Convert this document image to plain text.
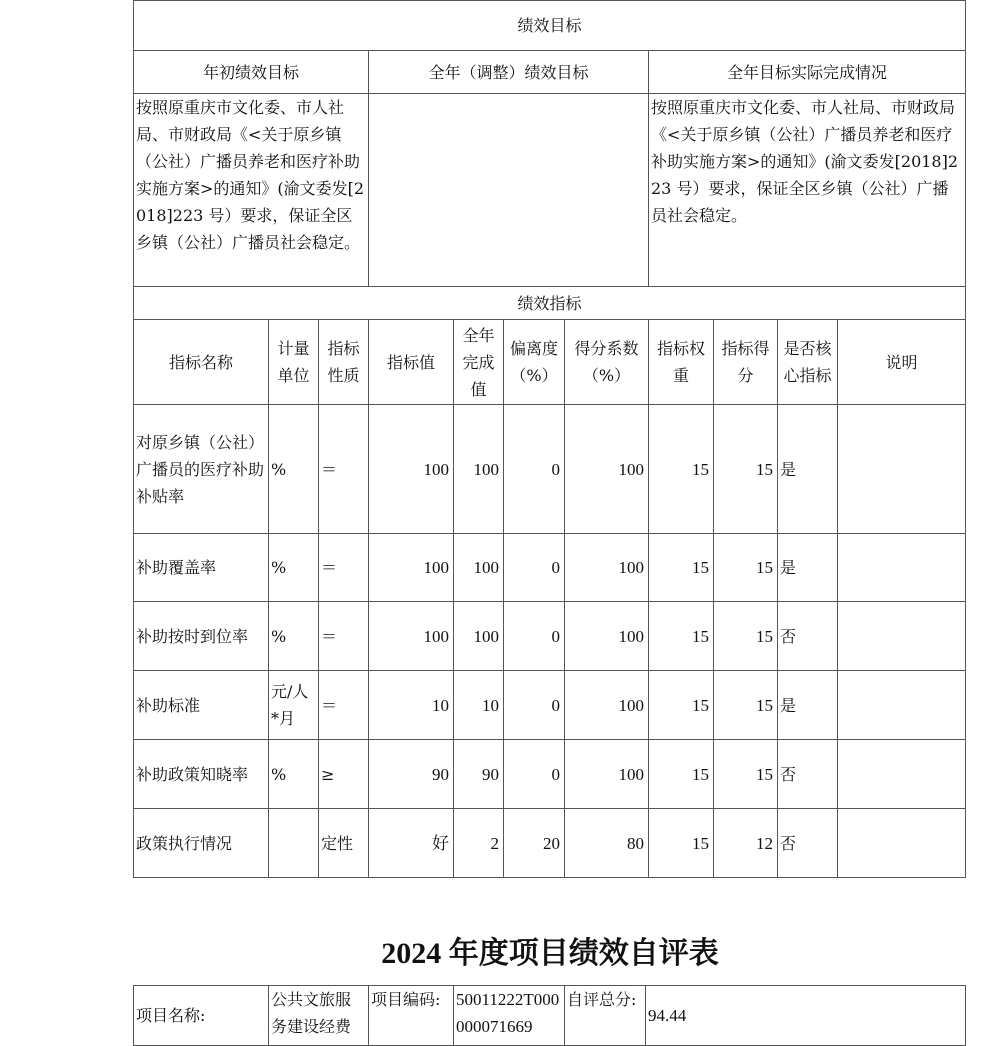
绩效目标										
年初绩效目标			全年（调整）绩效目标				全年目标实际完成情况			
按照原重庆市文化委、市人社局、市财政局《<关于原乡镇（公社）广播员养老和医疗补助实施方案>的通知》(渝文委发[2018]223 号）要求，保证全区乡镇（公社）广播员社会稳定。							按照原重庆市文化委、市人社局、市财政局《<关于原乡镇（公社）广播员养老和医疗补助实施方案>的通知》(渝文委发[2018]223 号）要求，保证全区乡镇（公社）广播员社会稳定。			
绩效指标										
指标名称	计量单位	指标性质	指标值	全年完成值	偏离度（%）	得分系数（%）	指标权重	指标得分	是否核心指标	说明
对原乡镇（公社）广播员的医疗补助补贴率	%	＝	100	100	0	100	15	15	是	
补助覆盖率	%	＝	100	100	0	100	15	15	是	
补助按时到位率	%	＝	100	100	0	100	15	15	否	
补助标准	元/人*月	＝	10	10	0	100	15	15	是	
补助政策知晓率	%	≥	90	90	0	100	15	15	否	
政策执行情况		定性	好	2	20	80	15	12	否	
2024 年度项目绩效自评表
项目名称:	公共文旅服务建设经费	项目编码:	50011222T000000071669	自评总分:	94.44
